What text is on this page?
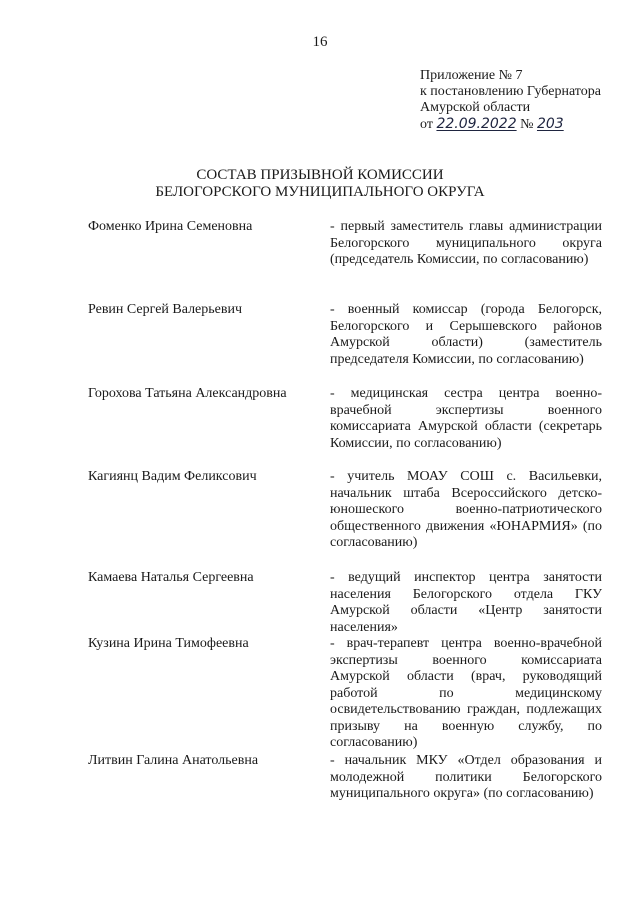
16
Приложение № 7
к постановлению Губернатора
Амурской области
от 22.09.2022 № 203
СОСТАВ ПРИЗЫВНОЙ КОМИССИИ
БЕЛОГОРСКОГО МУНИЦИПАЛЬНОГО ОКРУГА
Фоменко Ирина Семеновна	- первый заместитель главы администрации Белогорского муниципального округа (председатель Комиссии, по согласованию)
Ревин Сергей Валерьевич	- военный комиссар (города Белогорск, Белогорского и Серышевского районов Амурской области) (заместитель председателя Комиссии, по согласованию)
Горохова Татьяна Александровна	- медицинская сестра центра военно-врачебной экспертизы военного комиссариата Амурской области (секретарь Комиссии, по согласованию)
Кагиянц Вадим Феликсович	- учитель МОАУ СОШ с. Васильевки, начальник штаба Всероссийского детско-юношеского военно-патриотического общественного движения «ЮНАРМИЯ» (по согласованию)
Камаева Наталья Сергеевна	- ведущий инспектор центра занятости населения Белогорского отдела ГКУ Амурской области «Центр занятости населения»
Кузина Ирина Тимофеевна	- врач-терапевт центра военно-врачебной экспертизы военного комиссариата Амурской области (врач, руководящий работой по медицинскому освидетельствованию граждан, подлежащих призыву на военную службу, по согласованию)
Литвин Галина Анатольевна	- начальник МКУ «Отдел образования и молодежной политики Белогорского муниципального округа» (по согласованию)
